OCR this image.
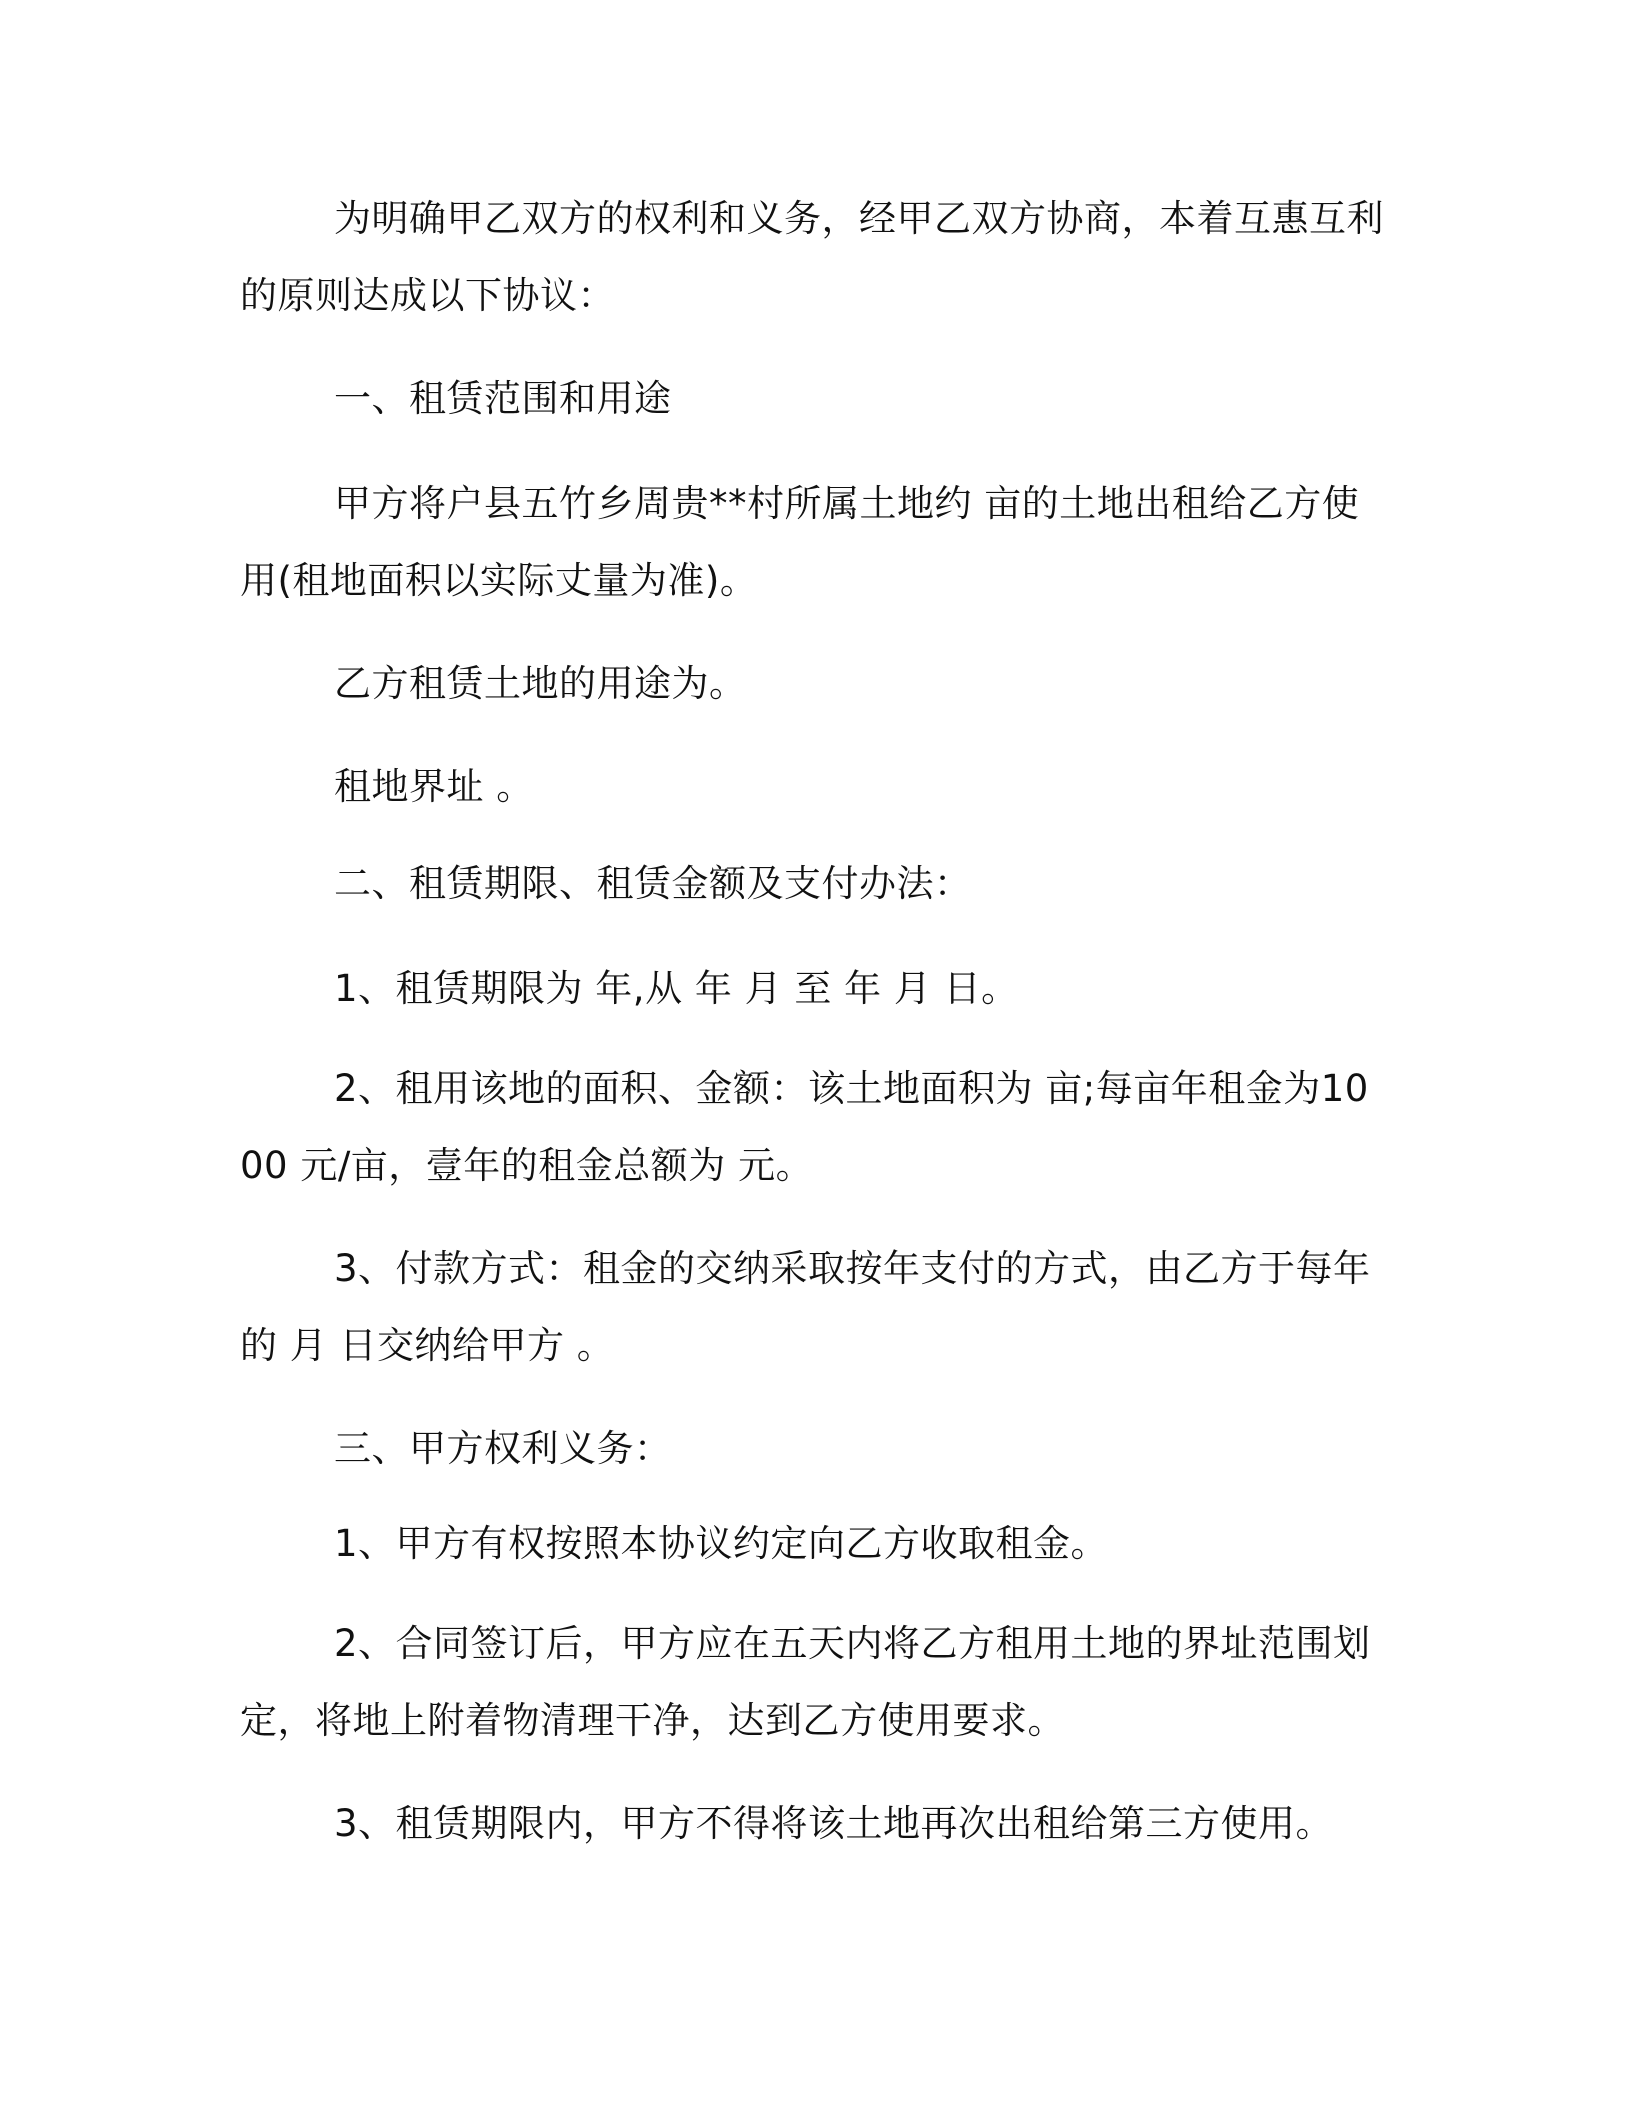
为明确甲乙双方的权利和义务，经甲乙双方协商，本着互惠互利的原则达成以下协议：

一、租赁范围和用途

甲方将户县五竹乡周贵**村所属土地约 亩的土地出租给乙方使用(租地面积以实际丈量为准)。

乙方租赁土地的用途为。

租地界址 。

二、租赁期限、租赁金额及支付办法：

1、租赁期限为 年,从 年 月 至 年 月 日。

2、租用该地的面积、金额：该土地面积为 亩;每亩年租金为1000 元/亩，壹年的租金总额为 元。

3、付款方式：租金的交纳采取按年支付的方式，由乙方于每年的 月 日交纳给甲方 。

三、甲方权利义务：

1、甲方有权按照本协议约定向乙方收取租金。

2、合同签订后，甲方应在五天内将乙方租用土地的界址范围划定，将地上附着物清理干净，达到乙方使用要求。

3、租赁期限内，甲方不得将该土地再次出租给第三方使用。
